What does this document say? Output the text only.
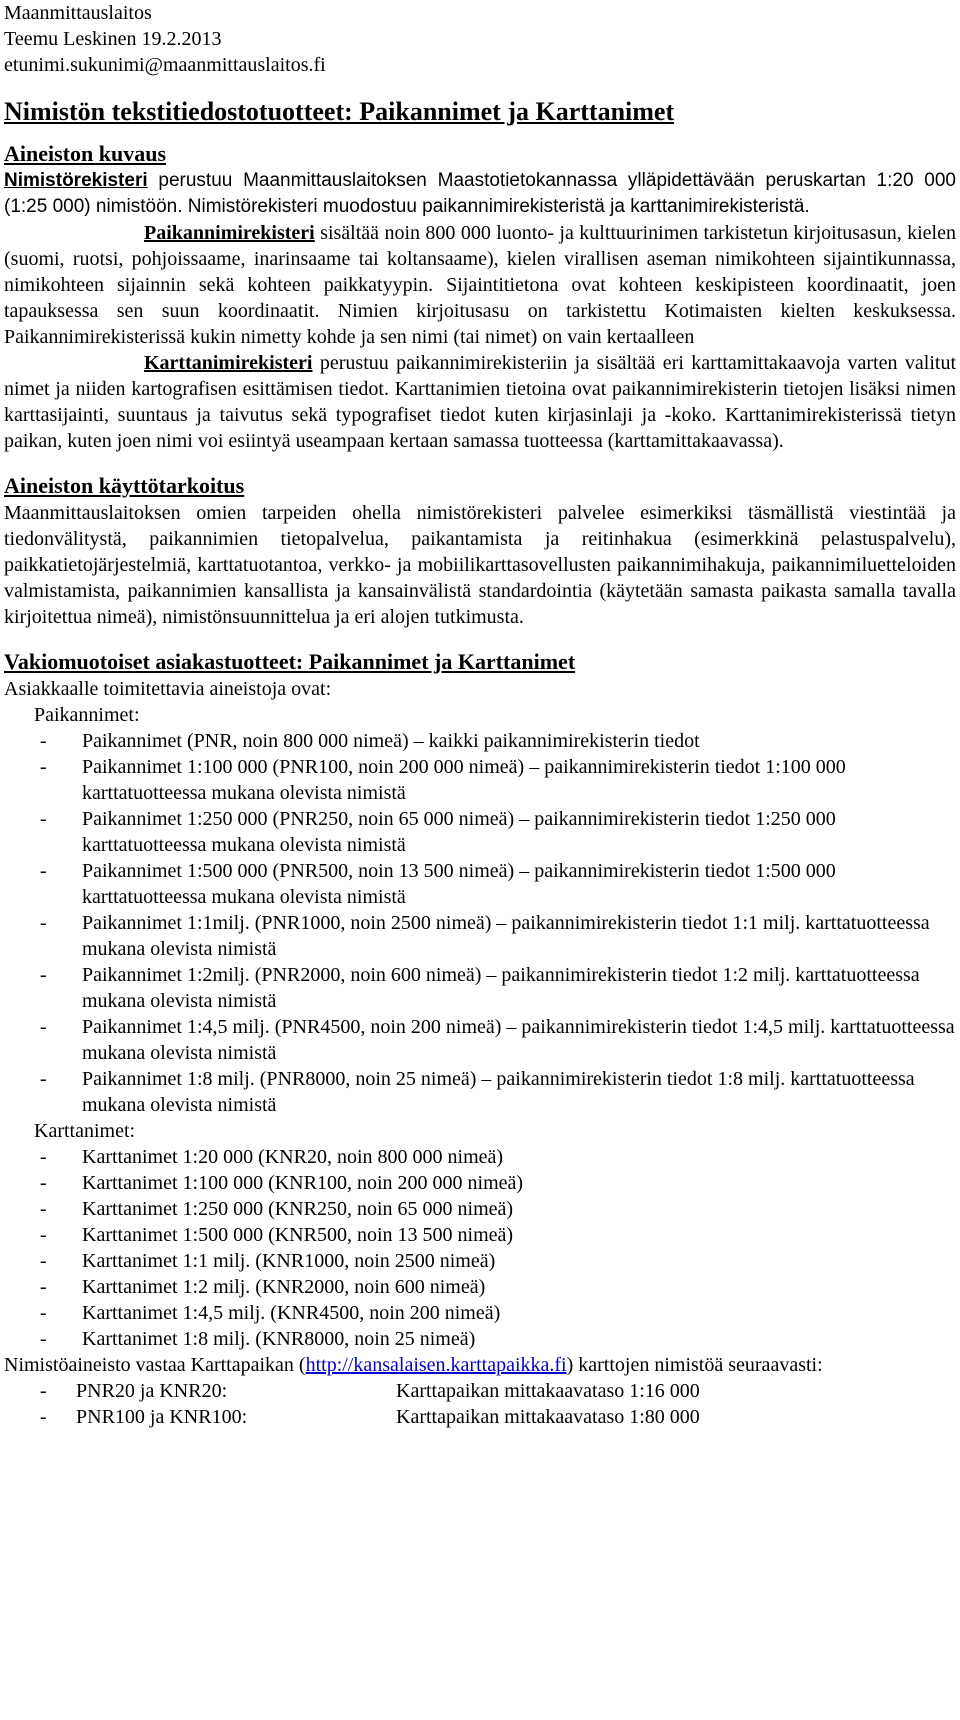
Maanmittauslaitos
Teemu Leskinen 19.2.2013
etunimi.sukunimi@maanmittauslaitos.fi
Nimistön tekstitiedostotuotteet: Paikannimet ja Karttanimet
Aineiston kuvaus
Nimistörekisteri perustuu Maanmittauslaitoksen Maastotietokannassa ylläpidettävään peruskartan 1:20 000 (1:25 000) nimistöön. Nimistörekisteri muodostuu paikannimirekisteristä ja karttanimirekisteristä.
Paikannimirekisteri sisältää noin 800 000 luonto- ja kulttuurinimen tarkistetun kirjoitusasun, kielen (suomi, ruotsi, pohjoissaame, inarinsaame tai koltansaame), kielen virallisen aseman nimikohteen sijaintikunnassa, nimikohteen sijainnin sekä kohteen paikkatyypin. Sijaintitietona ovat kohteen keskipisteen koordinaatit, joen tapauksessa sen suun koordinaatit. Nimien kirjoitusasu on tarkistettu Kotimaisten kielten keskuksessa. Paikannimirekisterissä kukin nimetty kohde ja sen nimi (tai nimet) on vain kertaalleen
Karttanimirekisteri perustuu paikannimirekisteriin ja sisältää eri karttamittakaavoja varten valitut nimet ja niiden kartografisen esittämisen tiedot. Karttanimien tietoina ovat paikannimirekisterin tietojen lisäksi nimen karttasijainti, suuntaus ja taivutus sekä typografiset tiedot kuten kirjasinlaji ja -koko. Karttanimirekisterissä tietyn paikan, kuten joen nimi voi esiintyä useampaan kertaan samassa tuotteessa (karttamittakaavassa).
Aineiston käyttötarkoitus
Maanmittauslaitoksen omien tarpeiden ohella nimistörekisteri palvelee esimerkiksi täsmällistä viestintää ja tiedonvälitystä, paikannimien tietopalvelua, paikantamista ja reitinhakua (esimerkkinä pelastuspalvelu), paikkatietojärjestelmiä, karttatuotantoa, verkko- ja mobiilikarttasovellusten paikannimihakuja, paikannimiluetteloiden valmistamista, paikannimien kansallista ja kansainvälistä standardointia (käytetään samasta paikasta samalla tavalla kirjoitettua nimeä), nimistönsuunnittelua ja eri alojen tutkimusta.
Vakiomuotoiset asiakastuotteet: Paikannimet ja Karttanimet
Asiakkaalle toimitettavia aineistoja ovat:
Paikannimet:
- Paikannimet (PNR, noin 800 000 nimeä) – kaikki paikannimirekisterin tiedot
- Paikannimet 1:100 000 (PNR100, noin 200 000 nimeä) – paikannimirekisterin tiedot 1:100 000 karttatuotteessa mukana olevista nimistä
- Paikannimet 1:250 000 (PNR250, noin 65 000 nimeä) – paikannimirekisterin tiedot 1:250 000 karttatuotteessa mukana olevista nimistä
- Paikannimet 1:500 000 (PNR500, noin 13 500 nimeä) – paikannimirekisterin tiedot 1:500 000 karttatuotteessa mukana olevista nimistä
- Paikannimet 1:1milj. (PNR1000, noin 2500 nimeä) – paikannimirekisterin tiedot 1:1 milj. karttatuotteessa mukana olevista nimistä
- Paikannimet 1:2milj. (PNR2000, noin 600 nimeä) – paikannimirekisterin tiedot 1:2 milj. karttatuotteessa mukana olevista nimistä
- Paikannimet 1:4,5 milj. (PNR4500, noin 200 nimeä) – paikannimirekisterin tiedot 1:4,5 milj. karttatuotteessa mukana olevista nimistä
- Paikannimet 1:8 milj. (PNR8000, noin 25 nimeä) – paikannimirekisterin tiedot 1:8 milj. karttatuotteessa mukana olevista nimistä
Karttanimet:
- Karttanimet 1:20 000 (KNR20, noin 800 000 nimeä)
- Karttanimet 1:100 000 (KNR100, noin 200 000 nimeä)
- Karttanimet 1:250 000 (KNR250, noin 65 000 nimeä)
- Karttanimet 1:500 000 (KNR500, noin 13 500 nimeä)
- Karttanimet 1:1 milj. (KNR1000, noin 2500 nimeä)
- Karttanimet 1:2 milj. (KNR2000, noin 600 nimeä)
- Karttanimet 1:4,5 milj. (KNR4500, noin 200 nimeä)
- Karttanimet 1:8 milj. (KNR8000, noin 25 nimeä)
Nimistöaineisto vastaa Karttapaikan (http://kansalaisen.karttapaikka.fi) karttojen nimistöä seuraavasti:
-	PNR20 ja KNR20:	Karttapaikan mittakaavataso 1:16 000
-	PNR100 ja KNR100:	Karttapaikan mittakaavataso 1:80 000
